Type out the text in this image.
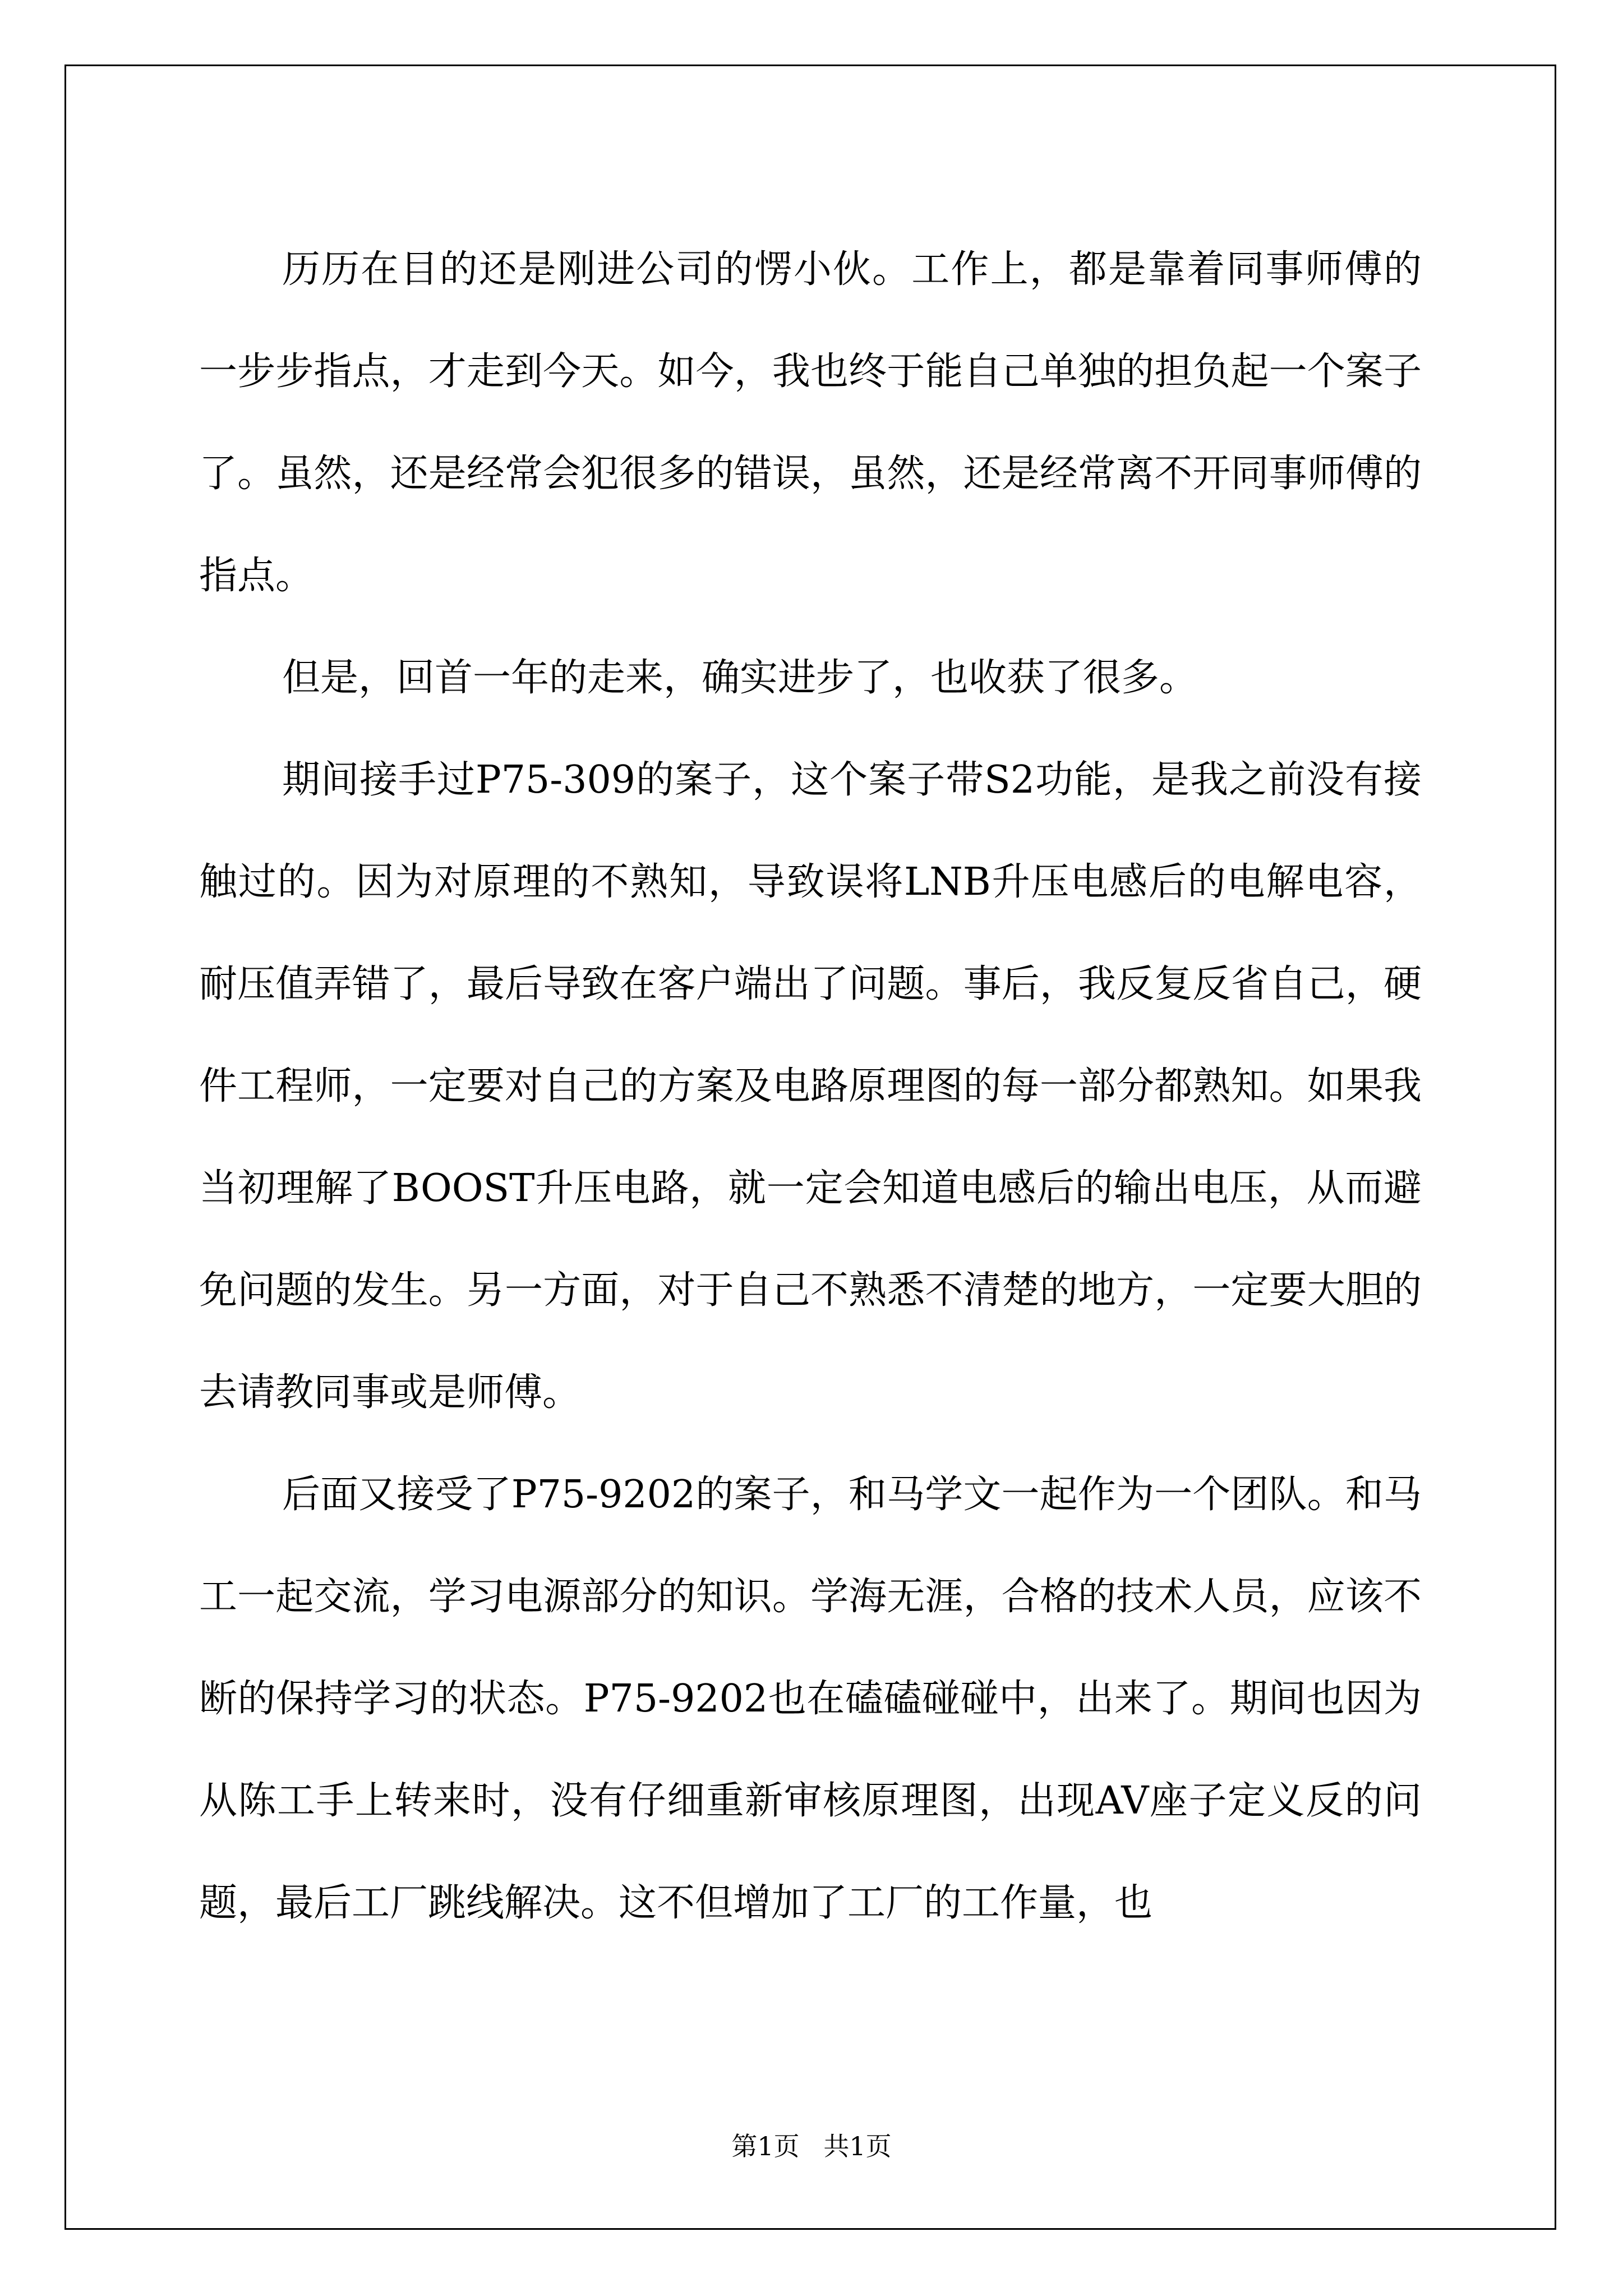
历历在目的还是刚进公司的愣小伙。工作上，都是靠着同事师傅的一步步指点，才走到今天。如今，我也终于能自己单独的担负起一个案子了。虽然，还是经常会犯很多的错误，虽然，还是经常离不开同事师傅的指点。

但是，回首一年的走来，确实进步了，也收获了很多。

期间接手过P75-309的案子，这个案子带S2功能，是我之前没有接触过的。因为对原理的不熟知，导致误将LNB升压电感后的电解电容，耐压值弄错了，最后导致在客户端出了问题。事后，我反复反省自己，硬件工程师，一定要对自己的方案及电路原理图的每一部分都熟知。如果我当初理解了BOOST升压电路，就一定会知道电感后的输出电压，从而避免问题的发生。另一方面，对于自己不熟悉不清楚的地方，一定要大胆的去请教同事或是师傅。

后面又接受了P75-9202的案子，和马学文一起作为一个团队。和马工一起交流，学习电源部分的知识。学海无涯，合格的技术人员，应该不断的保持学习的状态。P75-9202也在磕磕碰碰中，出来了。期间也因为从陈工手上转来时，没有仔细重新审核原理图，出现AV座子定义反的问题，最后工厂跳线解决。这不但增加了工厂的工作量，也

第1页 共1页
